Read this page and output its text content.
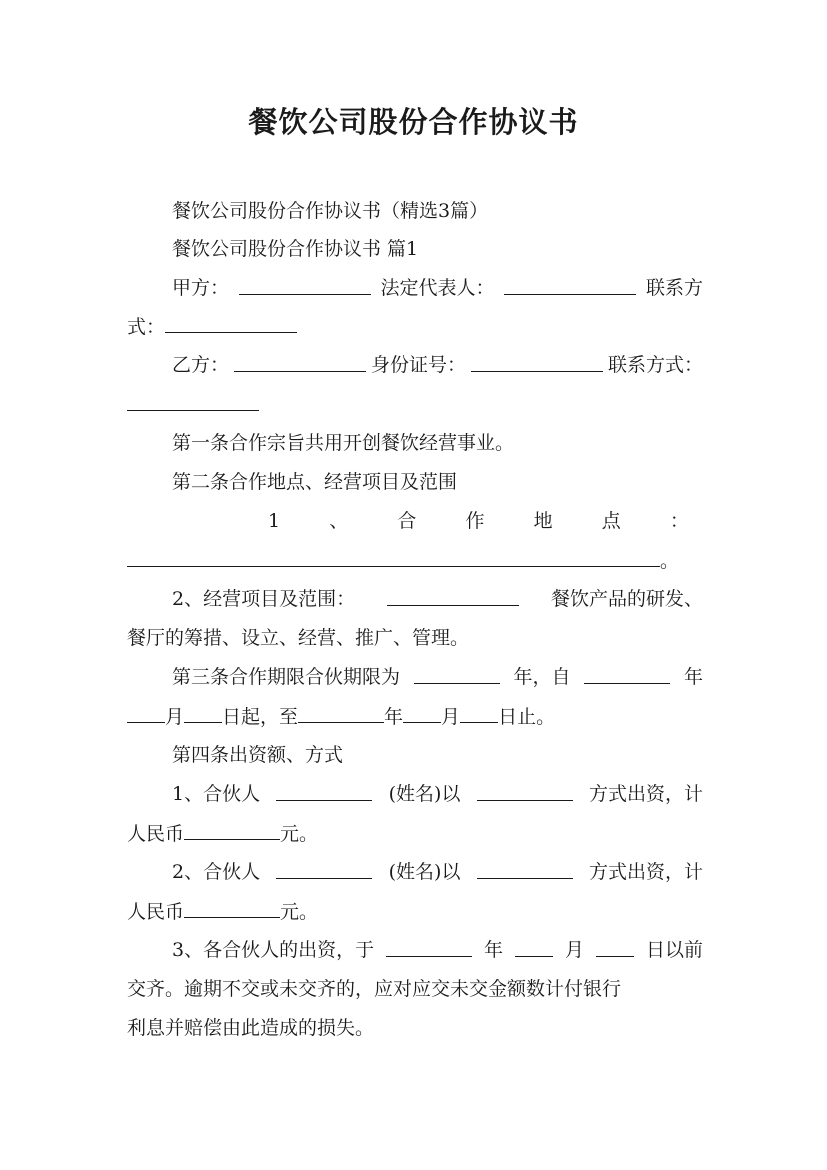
餐饮公司股份合作协议书
餐饮公司股份合作协议书（精选3篇）
餐饮公司股份合作协议书 篇1
甲方：	法定代表人：	联系方
式：
乙方：	身份证号：	联系方式：
第一条合作宗旨共用开创餐饮经营事业。
第二条合作地点、经营项目及范围
1	、	合	作	地	点	：
。
2、经营项目及范围：	餐饮产品的研发、
餐厅的筹措、设立、经营、推广、管理。
第三条合作期限合伙期限为	年，自	年
月 日起，至	年 月 日止。
第四条出资额、方式
1、合伙人	(姓名)以	方式出资，计
人民币	元。
2、合伙人	(姓名)以	方式出资，计
人民币	元。
3、各合伙人的出资，于	年	月	日以前
交齐。逾期不交或未交齐的，应对应交未交金额数计付银行
利息并赔偿由此造成的损失。
